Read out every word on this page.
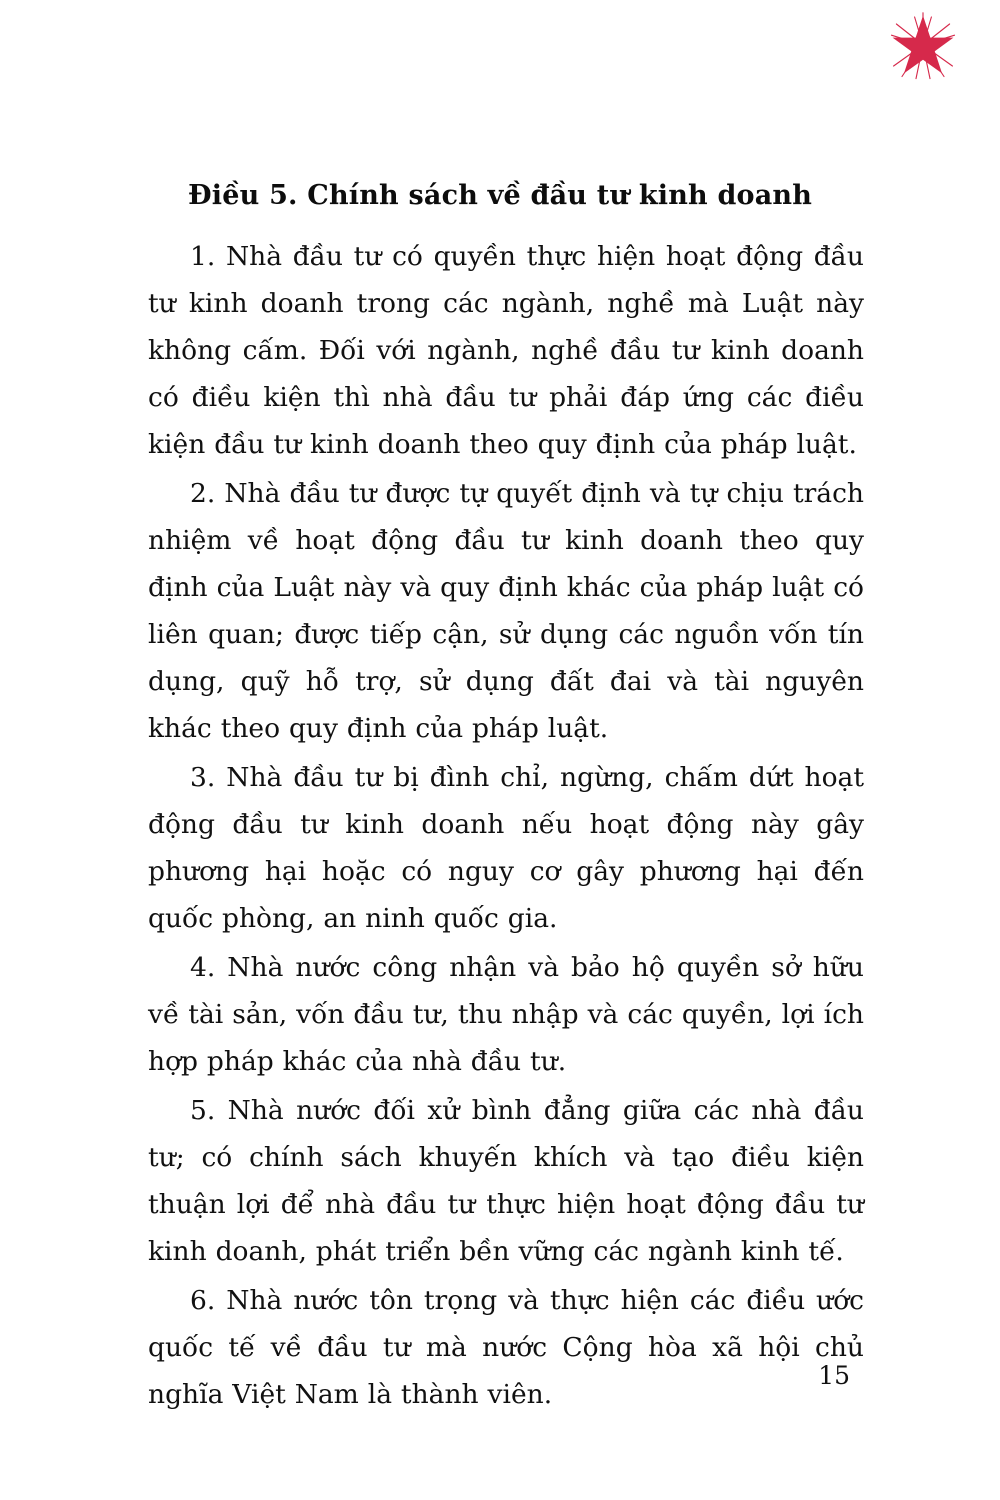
Điều 5. Chính sách về đầu tư kinh doanh

1. Nhà đầu tư có quyền thực hiện hoạt động đầu tư kinh doanh trong các ngành, nghề mà Luật này không cấm. Đối với ngành, nghề đầu tư kinh doanh có điều kiện thì nhà đầu tư phải đáp ứng các điều kiện đầu tư kinh doanh theo quy định của pháp luật.

2. Nhà đầu tư được tự quyết định và tự chịu trách nhiệm về hoạt động đầu tư kinh doanh theo quy định của Luật này và quy định khác của pháp luật có liên quan; được tiếp cận, sử dụng các nguồn vốn tín dụng, quỹ hỗ trợ, sử dụng đất đai và tài nguyên khác theo quy định của pháp luật.

3. Nhà đầu tư bị đình chỉ, ngừng, chấm dứt hoạt động đầu tư kinh doanh nếu hoạt động này gây phương hại hoặc có nguy cơ gây phương hại đến quốc phòng, an ninh quốc gia.

4. Nhà nước công nhận và bảo hộ quyền sở hữu về tài sản, vốn đầu tư, thu nhập và các quyền, lợi ích hợp pháp khác của nhà đầu tư.

5. Nhà nước đối xử bình đẳng giữa các nhà đầu tư; có chính sách khuyến khích và tạo điều kiện thuận lợi để nhà đầu tư thực hiện hoạt động đầu tư kinh doanh, phát triển bền vững các ngành kinh tế.

6. Nhà nước tôn trọng và thực hiện các điều ước quốc tế về đầu tư mà nước Cộng hòa xã hội chủ nghĩa Việt Nam là thành viên.

15
